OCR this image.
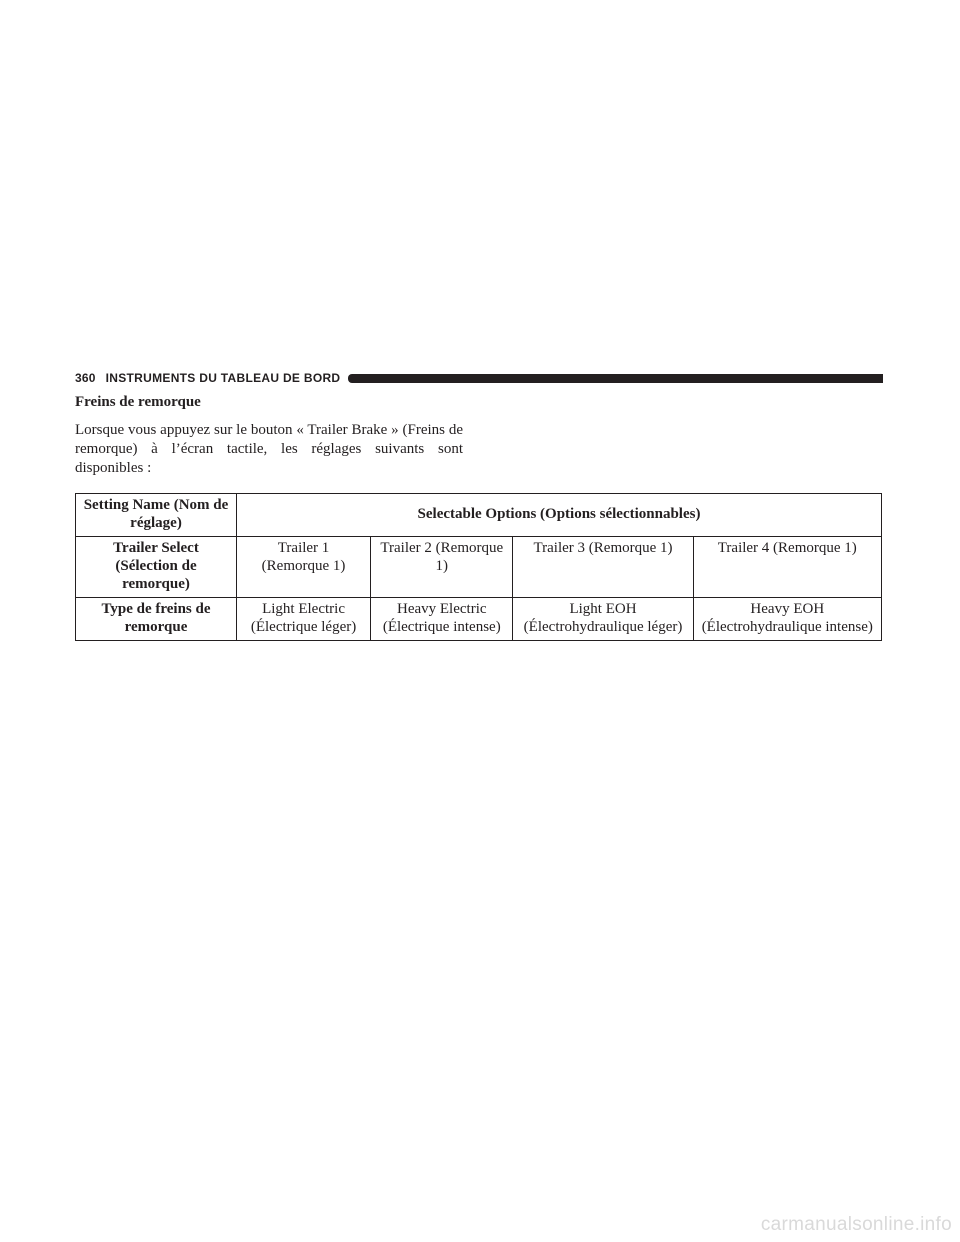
360 INSTRUMENTS DU TABLEAU DE BORD
Freins de remorque

Lorsque vous appuyez sur le bouton « Trailer Brake » (Freins de remorque) à l’écran tactile, les réglages suivants sont disponibles :

Setting Name (Nom de réglage)	Selectable Options (Options sélectionnables)			
Trailer Select (Sélection de remorque)	Trailer 1 (Remorque 1)	Trailer 2 (Remorque 1)	Trailer 3 (Remorque 1)	Trailer 4 (Remorque 1)
Type de freins de remorque	Light Electric (Électrique léger)	Heavy Electric (Électrique intense)	Light EOH (Électrohydraulique léger)	Heavy EOH (Électrohydraulique intense)
carmanualsonline.info
